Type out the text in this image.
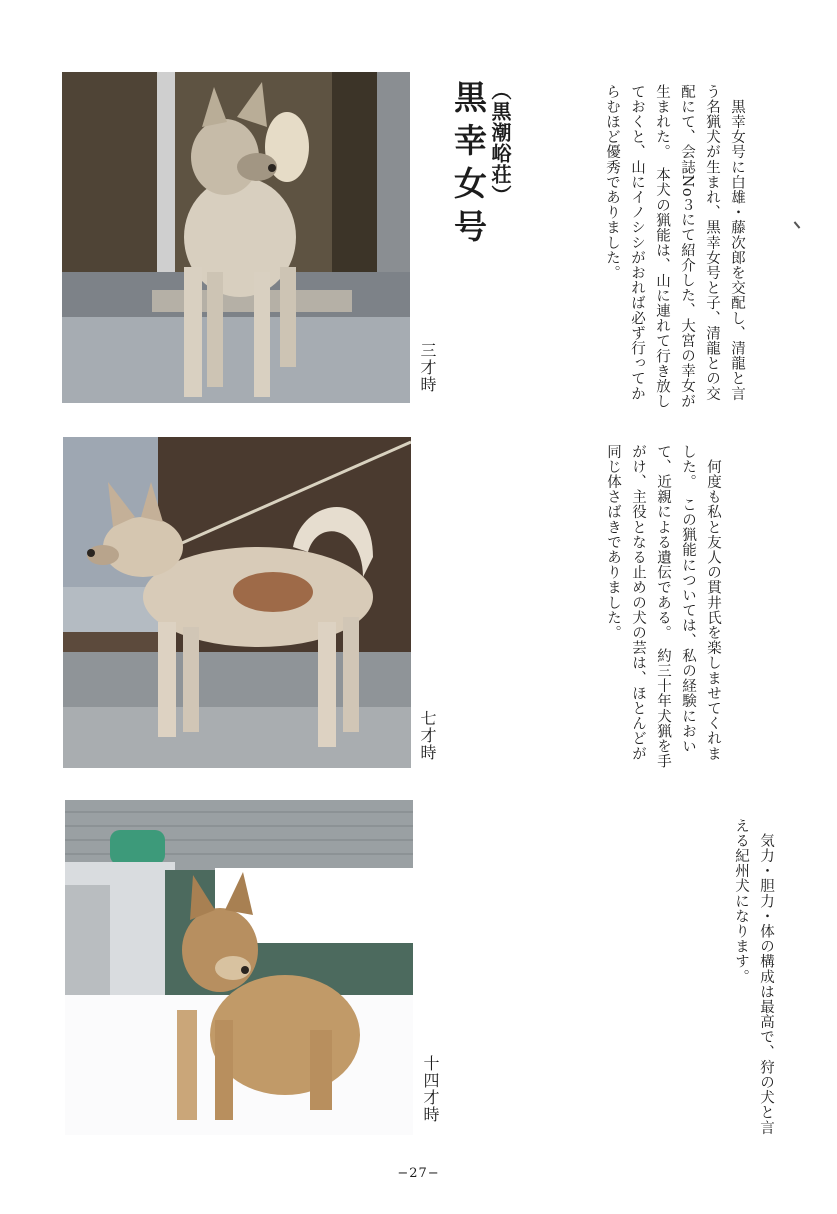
三才時
七才時
十四才時
（黒潮峪荘）
黒幸女号	　黒幸女号に白雄・藤次郎を交配し、清龍と言う名猟犬が生まれ、黒幸女号と子、清龍との交配にて、会誌No３にて紹介した、大宮の幸女が生まれた。　本犬の猟能は、山に連れて行き放しておくと、山にイノシシがおれば必ず行ってからむほど優秀でありました。
　何度も私と友人の貫井氏を楽しませてくれました。　この猟能については、私の経験において、近親による遺伝である。　約三十年犬猟を手がけ、主役となる止めの犬の芸は、ほとんどが同じ体さばきでありました。
　気力・胆力・体の構成は最高で、狩の犬と言える紀州犬になります。
−27−
